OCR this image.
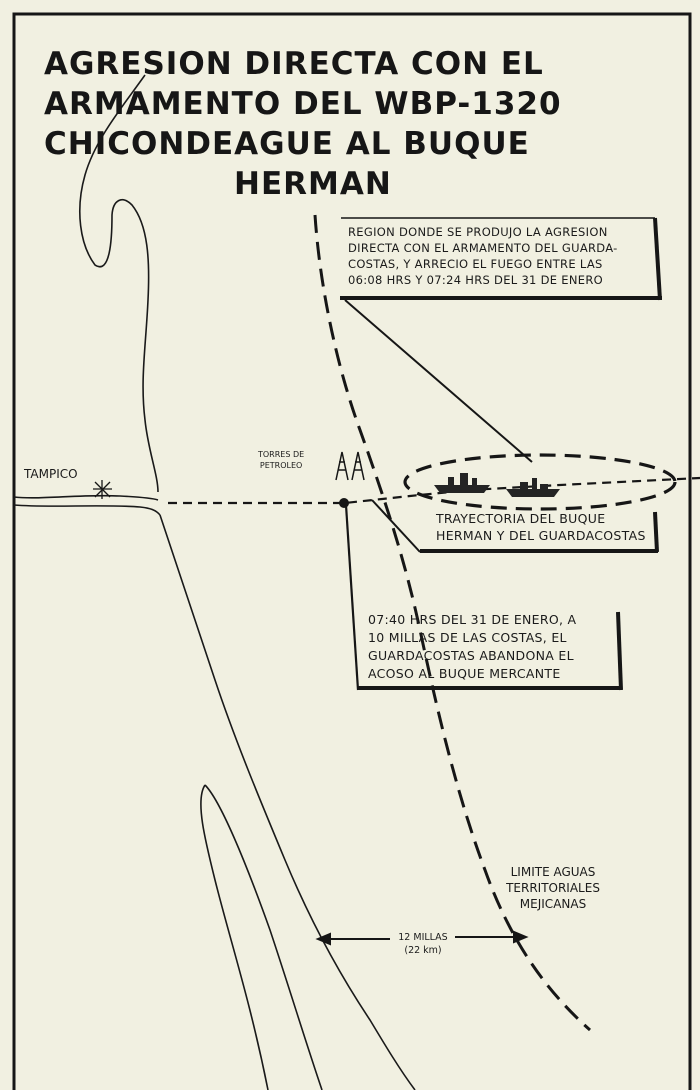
AGRESION DIRECTA CON EL
ARMAMENTO DEL WBP-1320
CHICONDEAGUE AL BUQUE
HERMAN
REGION DONDE SE PRODUJO LA AGRESION
DIRECTA CON EL ARMAMENTO DEL GUARDA-
COSTAS, Y ARRECIO EL FUEGO ENTRE LAS
06:08 HRS Y 07:24 HRS DEL 31 DE ENERO
TRAYECTORIA DEL BUQUE
HERMAN Y DEL GUARDACOSTAS
07:40 HRS DEL 31 DE ENERO, A
10 MILLAS DE LAS COSTAS, EL
GUARDACOSTAS ABANDONA EL
ACOSO AL BUQUE MERCANTE
TAMPICO
TORRES DE
PETROLEO
LIMITE AGUAS
TERRITORIALES
MEJICANAS
12 MILLAS
(22 km)
